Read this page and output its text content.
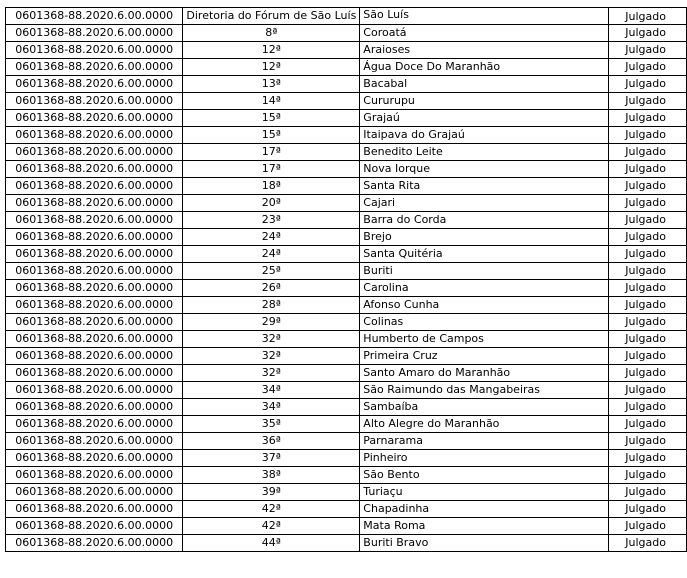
0601368-88.2020.6.00.0000	Diretoria do Fórum de São Luís	São Luís	Julgado
0601368-88.2020.6.00.0000	8ª	Coroatá	Julgado
0601368-88.2020.6.00.0000	12ª	Araioses	Julgado
0601368-88.2020.6.00.0000	12ª	Água Doce Do Maranhão	Julgado
0601368-88.2020.6.00.0000	13ª	Bacabal	Julgado
0601368-88.2020.6.00.0000	14ª	Cururupu	Julgado
0601368-88.2020.6.00.0000	15ª	Grajaú	Julgado
0601368-88.2020.6.00.0000	15ª	Itaipava do Grajaú	Julgado
0601368-88.2020.6.00.0000	17ª	Benedito Leite	Julgado
0601368-88.2020.6.00.0000	17ª	Nova Iorque	Julgado
0601368-88.2020.6.00.0000	18ª	Santa Rita	Julgado
0601368-88.2020.6.00.0000	20ª	Cajari	Julgado
0601368-88.2020.6.00.0000	23ª	Barra do Corda	Julgado
0601368-88.2020.6.00.0000	24ª	Brejo	Julgado
0601368-88.2020.6.00.0000	24ª	Santa Quitéria	Julgado
0601368-88.2020.6.00.0000	25ª	Buriti	Julgado
0601368-88.2020.6.00.0000	26ª	Carolina	Julgado
0601368-88.2020.6.00.0000	28ª	Afonso Cunha	Julgado
0601368-88.2020.6.00.0000	29ª	Colinas	Julgado
0601368-88.2020.6.00.0000	32ª	Humberto de Campos	Julgado
0601368-88.2020.6.00.0000	32ª	Primeira Cruz	Julgado
0601368-88.2020.6.00.0000	32ª	Santo Amaro do Maranhão	Julgado
0601368-88.2020.6.00.0000	34ª	São Raimundo das Mangabeiras	Julgado
0601368-88.2020.6.00.0000	34ª	Sambaíba	Julgado
0601368-88.2020.6.00.0000	35ª	Alto Alegre do Maranhão	Julgado
0601368-88.2020.6.00.0000	36ª	Parnarama	Julgado
0601368-88.2020.6.00.0000	37ª	Pinheiro	Julgado
0601368-88.2020.6.00.0000	38ª	São Bento	Julgado
0601368-88.2020.6.00.0000	39ª	Turiaçu	Julgado
0601368-88.2020.6.00.0000	42ª	Chapadinha	Julgado
0601368-88.2020.6.00.0000	42ª	Mata Roma	Julgado
0601368-88.2020.6.00.0000	44ª	Buriti Bravo	Julgado
